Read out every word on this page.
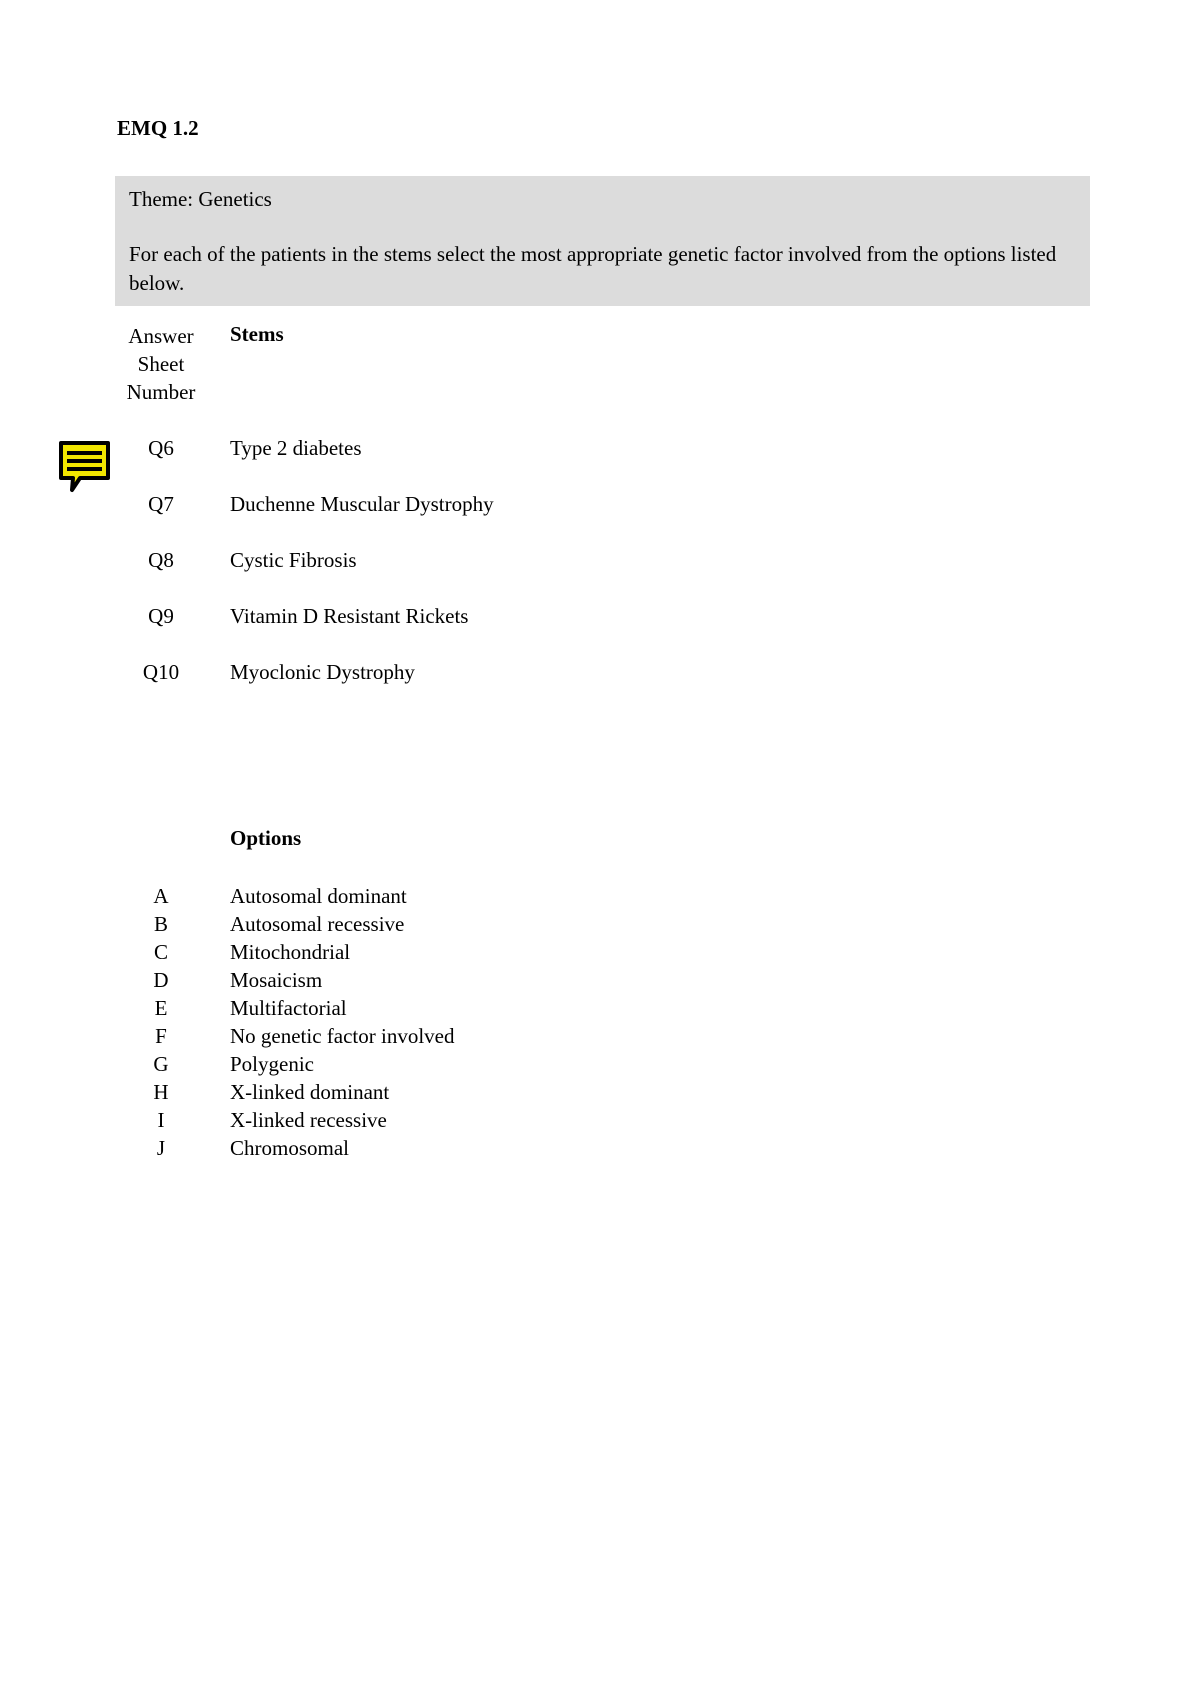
EMQ 1.2
Theme: Genetics
For each of the patients in the stems select the most appropriate genetic factor involved from the options listed below.
Answer
Sheet
Number
Stems
Q6	Type 2 diabetes
Q7	Duchenne Muscular Dystrophy
Q8	Cystic Fibrosis
Q9	Vitamin D Resistant Rickets
Q10	Myoclonic Dystrophy
Options
A	Autosomal dominant
B	Autosomal recessive
C	Mitochondrial
D	Mosaicism
E	Multifactorial
F	No genetic factor involved
G	Polygenic
H	X-linked dominant
I	X-linked recessive
J	Chromosomal
